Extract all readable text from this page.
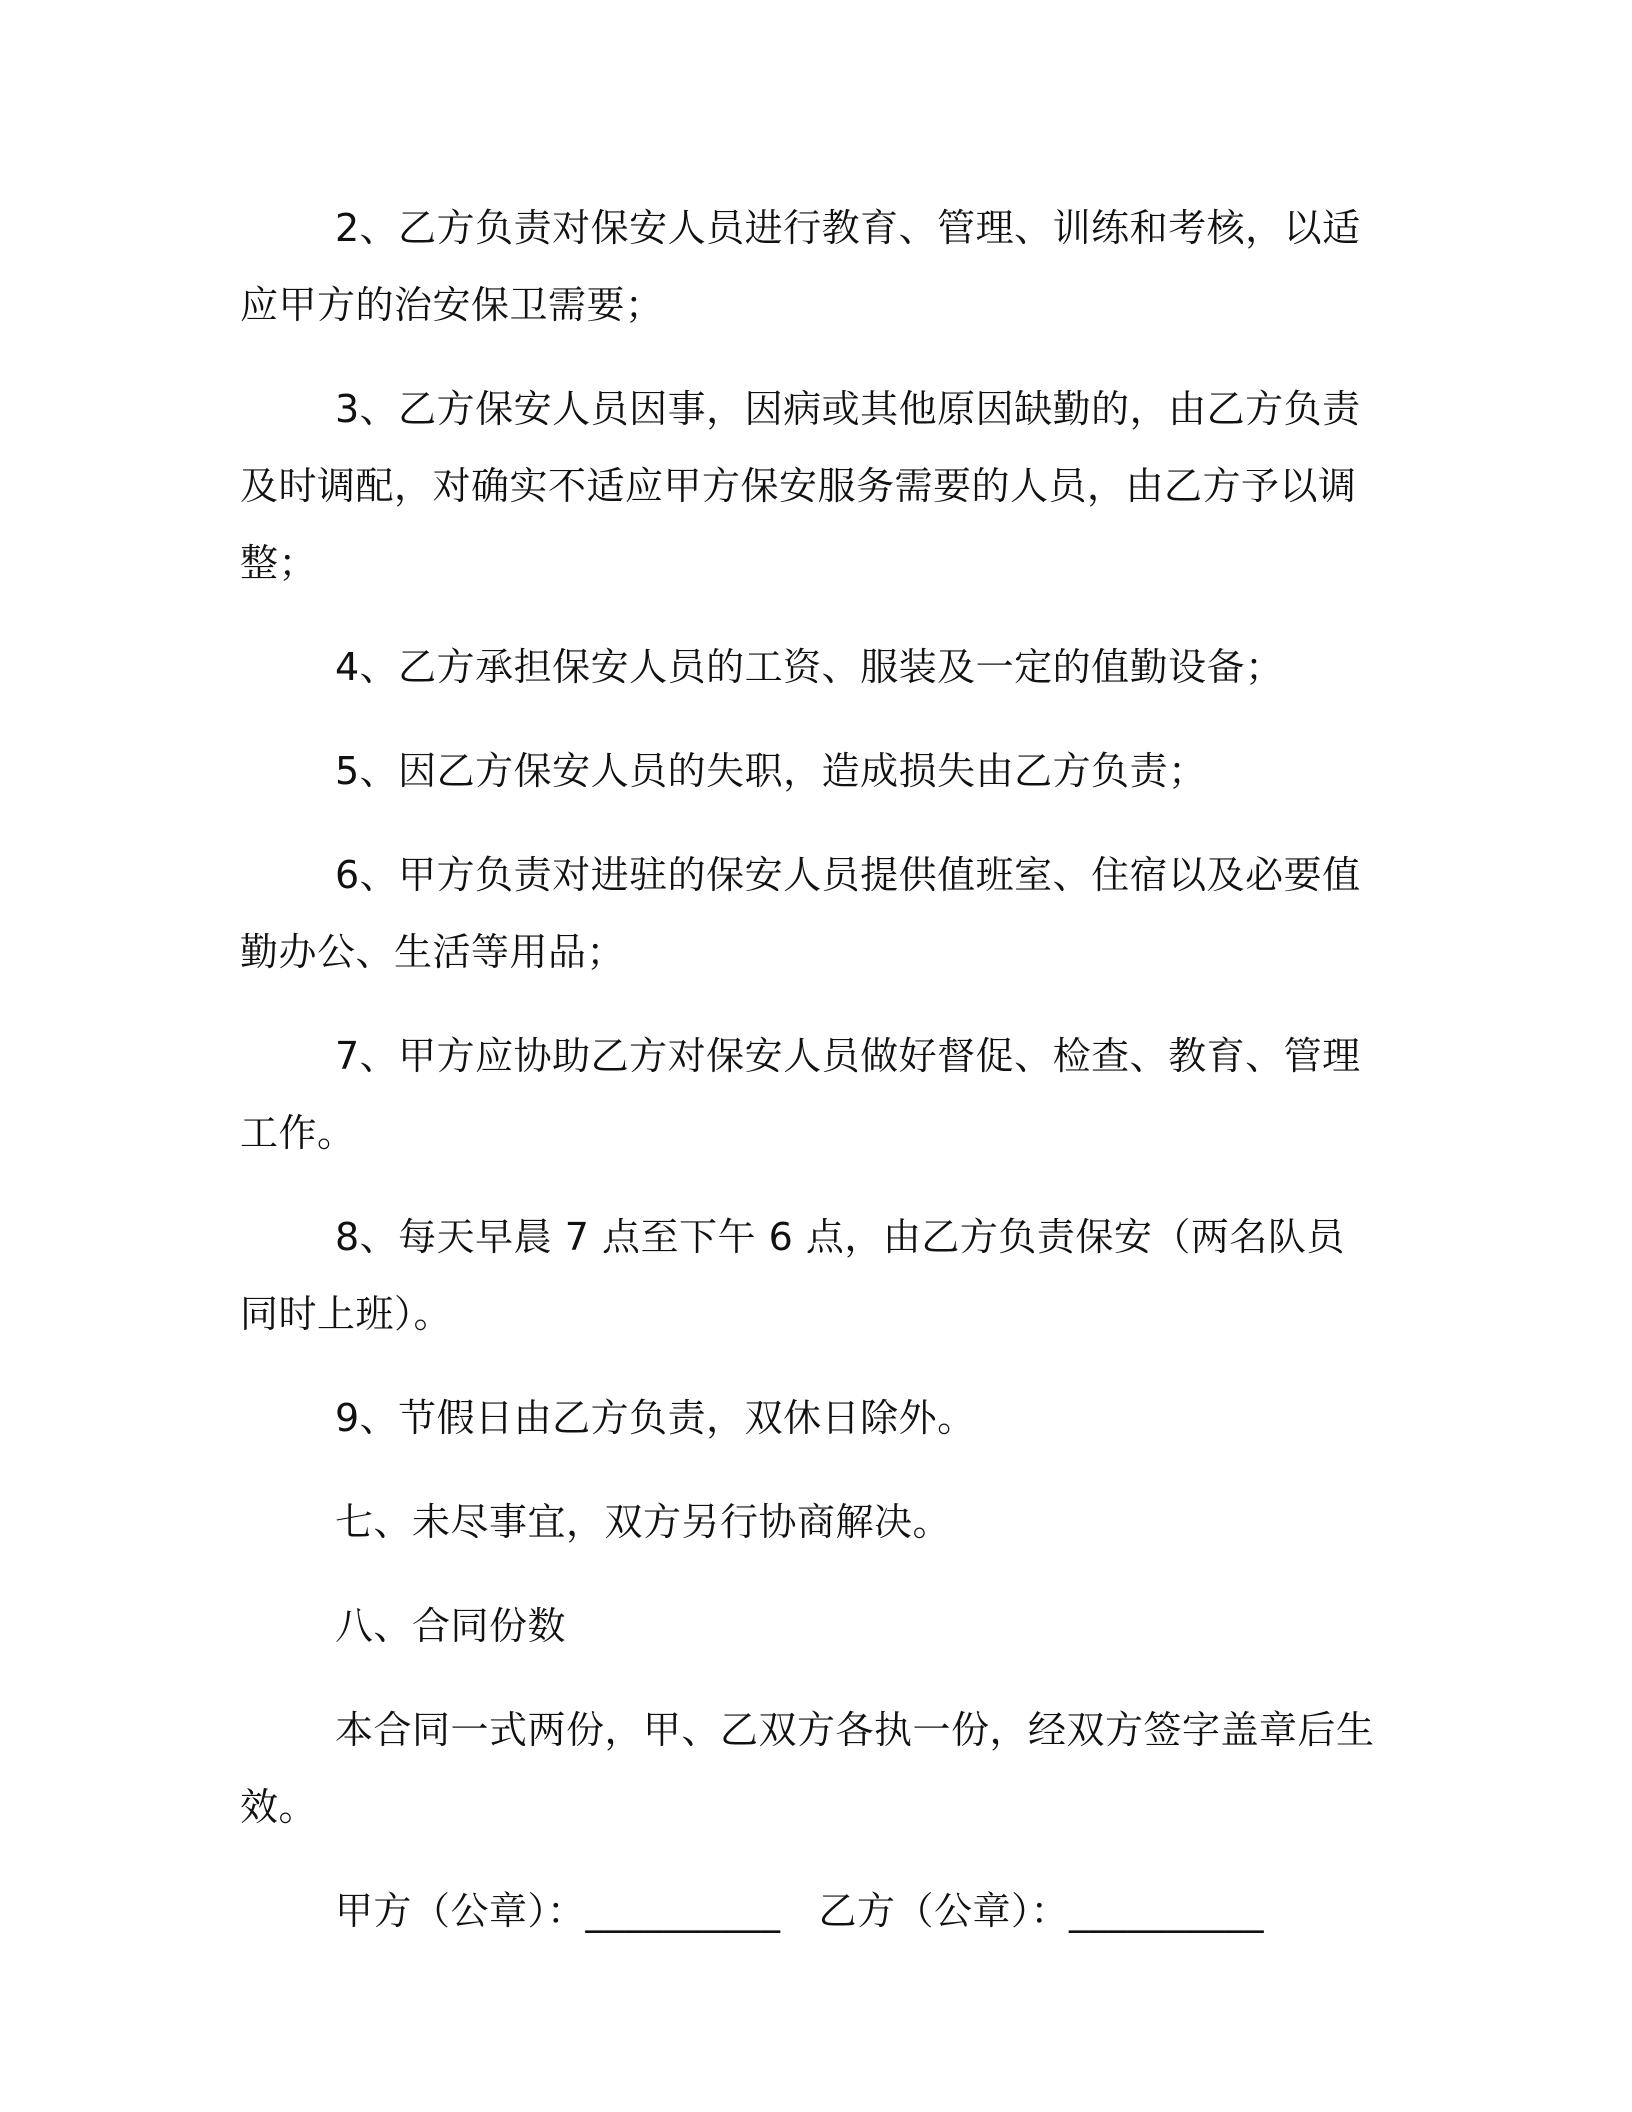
2、乙方负责对保安人员进行教育、管理、训练和考核，以适应甲方的治安保卫需要；

3、乙方保安人员因事，因病或其他原因缺勤的，由乙方负责及时调配，对确实不适应甲方保安服务需要的人员，由乙方予以调整；

4、乙方承担保安人员的工资、服装及一定的值勤设备；

5、因乙方保安人员的失职，造成损失由乙方负责；

6、甲方负责对进驻的保安人员提供值班室、住宿以及必要值勤办公、生活等用品；

7、甲方应协助乙方对保安人员做好督促、检查、教育、管理工作。

8、每天早晨 7 点至下午 6 点，由乙方负责保安（两名队员同时上班）。

9、节假日由乙方负责，双休日除外。

七、未尽事宜，双方另行协商解决。

八、合同份数

本合同一式两份，甲、乙双方各执一份，经双方签字盖章后生效。

甲方（公章）：__________ 乙方（公章）：__________
